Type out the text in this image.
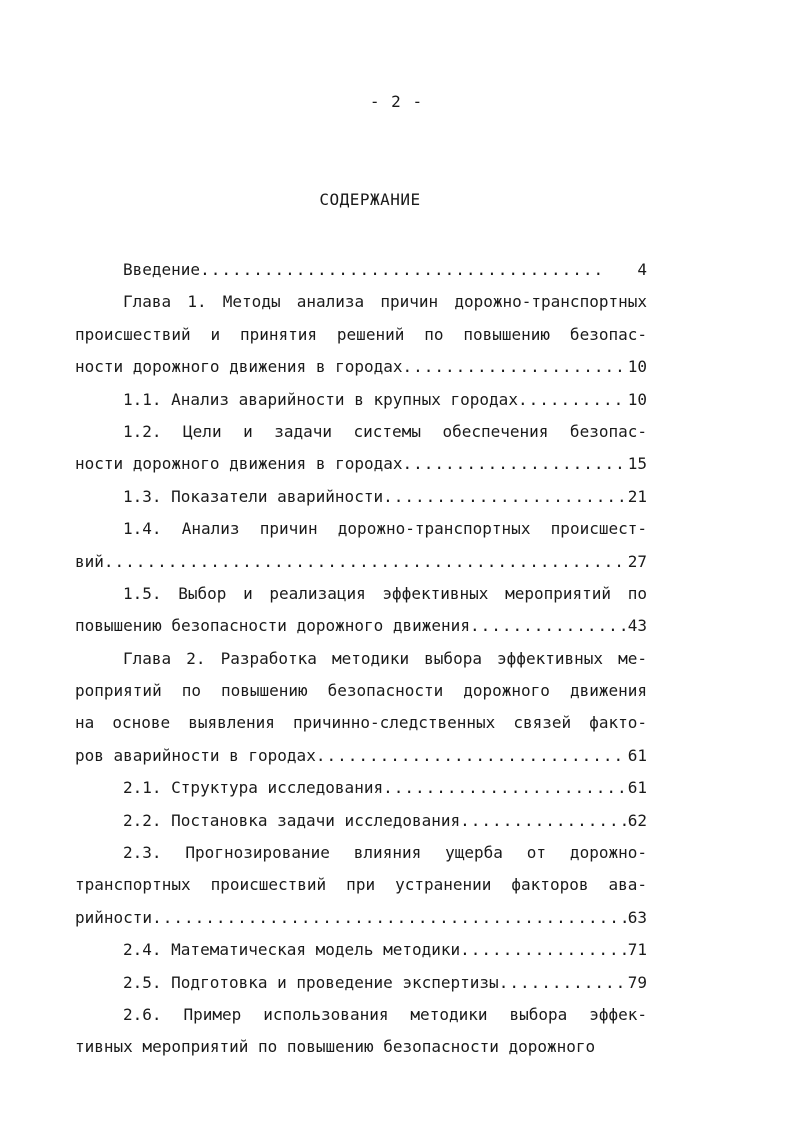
- 2 -
СОДЕРЖАНИЕ
Введение .....	4
Глава 1. Методы анализа причин дорожно-транспортных
происшествий и принятия решений по повышению безопас-
ности дорожного движения в городах .....	10
1.1. Анализ аварийности в крупных городах .....	10
1.2. Цели и задачи системы обеспечения безопас-
ности дорожного движения в городах .....	15
1.3. Показатели аварийности .....	21
1.4. Анализ причин дорожно-транспортных происшест-
вий .....	27
1.5. Выбор и реализация эффективных мероприятий по
повышению безопасности дорожного движения .....	43
Глава 2. Разработка методики выбора эффективных ме-
роприятий по повышению безопасности дорожного движения
на основе выявления причинно-следственных связей факто-
ров аварийности в городах .....	61
2.1. Структура исследования .....	61
2.2. Постановка задачи исследования .....	62
2.3. Прогнозирование влияния ущерба от дорожно-
транспортных происшествий при устранении факторов ава-
рийности .....	63
2.4. Математическая модель методики .....	71
2.5. Подготовка и проведение экспертизы .....	79
2.6. Пример использования методики выбора эффек-
тивных мероприятий по повышению безопасности дорожного
